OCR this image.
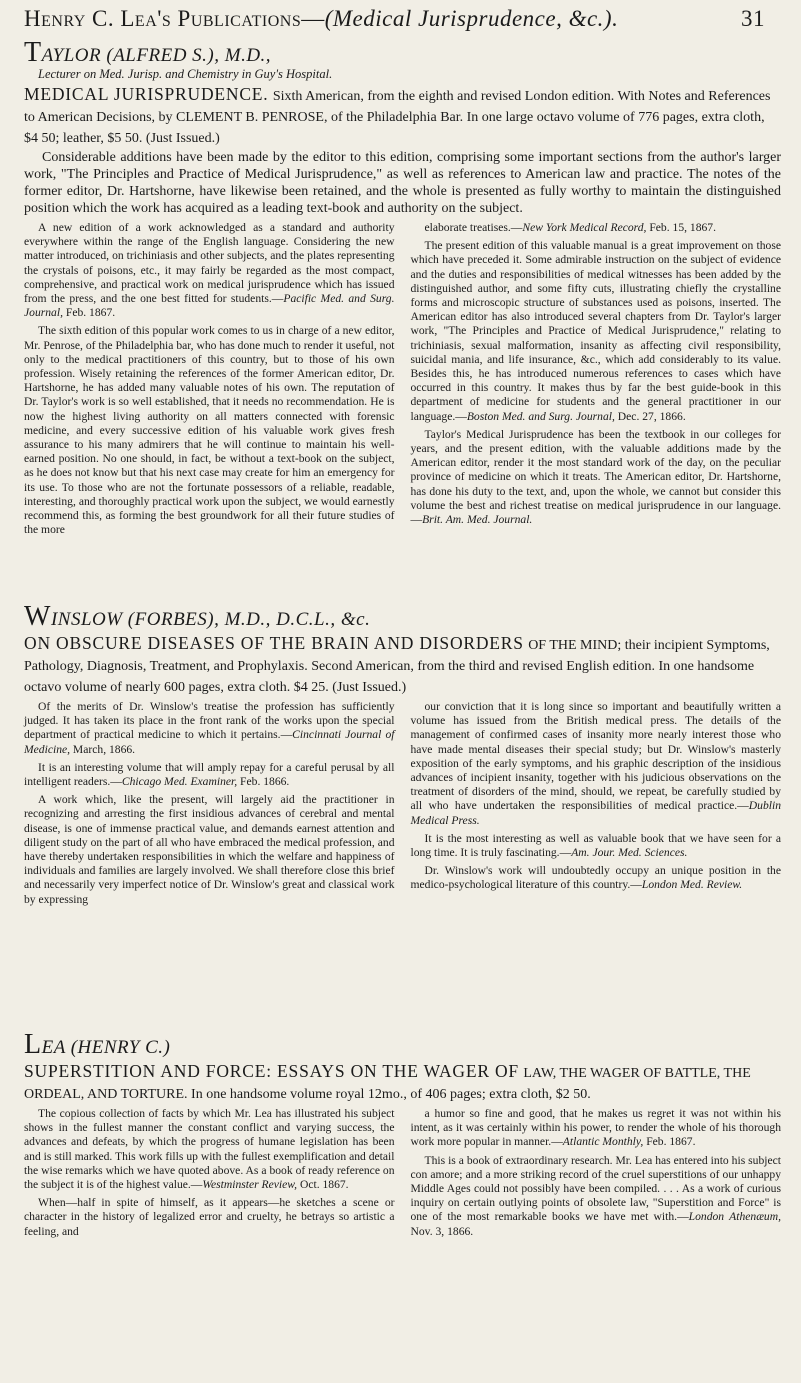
Henry C. Lea's Publications—(Medical Jurisprudence, &c.).	31
TAYLOR (ALFRED S.), M.D.,
Lecturer on Med. Jurisp. and Chemistry in Guy's Hospital.
MEDICAL JURISPRUDENCE. Sixth American, from the eighth and revised London edition. With Notes and References to American Decisions, by CLEMENT B. PENROSE, of the Philadelphia Bar. In one large octavo volume of 776 pages, extra cloth, $4 50; leather, $5 50. (Just Issued.)
Considerable additions have been made by the editor to this edition, comprising some important sections from the author's larger work, "The Principles and Practice of Medical Jurisprudence," as well as references to American law and practice. The notes of the former editor, Dr. Hartshorne, have likewise been retained, and the whole is presented as fully worthy to maintain the distinguished position which the work has acquired as a leading text-book and authority on the subject.

A new edition of a work acknowledged as a standard and authority everywhere within the range of the English language. Considering the new matter introduced, on trichiniasis and other subjects, and the plates representing the crystals of poisons, etc., it may fairly be regarded as the most compact, comprehensive, and practical work on medical jurisprudence which has issued from the press, and the one best fitted for students.—Pacific Med. and Surg. Journal, Feb. 1867.

The sixth edition of this popular work comes to us in charge of a new editor, Mr. Penrose, of the Philadelphia bar, who has done much to render it useful, not only to the medical practitioners of this country, but to those of his own profession. Wisely retaining the references of the former American editor, Dr. Hartshorne, he has added many valuable notes of his own. The reputation of Dr. Taylor's work is so well established, that it needs no recommendation. He is now the highest living authority on all matters connected with forensic medicine, and every successive edition of his valuable work gives fresh assurance to his many admirers that he will continue to maintain his well-earned position. No one should, in fact, be without a text-book on the subject, as he does not know but that his next case may create for him an emergency for its use. To those who are not the fortunate possessors of a reliable, readable, interesting, and thoroughly practical work upon the subject, we would earnestly recommend this, as forming the best groundwork for all their future studies of the more

elaborate treatises.—New York Medical Record, Feb. 15, 1867.

The present edition of this valuable manual is a great improvement on those which have preceded it. Some admirable instruction on the subject of evidence and the duties and responsibilities of medical witnesses has been added by the distinguished author, and some fifty cuts, illustrating chiefly the crystalline forms and microscopic structure of substances used as poisons, inserted. The American editor has also introduced several chapters from Dr. Taylor's larger work, "The Principles and Practice of Medical Jurisprudence," relating to trichiniasis, sexual malformation, insanity as affecting civil responsibility, suicidal mania, and life insurance, &c., which add considerably to its value. Besides this, he has introduced numerous references to cases which have occurred in this country. It makes thus by far the best guide-book in this department of medicine for students and the general practitioner in our language.—Boston Med. and Surg. Journal, Dec. 27, 1866.

Taylor's Medical Jurisprudence has been the textbook in our colleges for years, and the present edition, with the valuable additions made by the American editor, render it the most standard work of the day, on the peculiar province of medicine on which it treats. The American editor, Dr. Hartshorne, has done his duty to the text, and, upon the whole, we cannot but consider this volume the best and richest treatise on medical jurisprudence in our language.—Brit. Am. Med. Journal.

WINSLOW (FORBES), M.D., D.C.L., &c.
ON OBSCURE DISEASES OF THE BRAIN AND DISORDERS OF THE MIND; their incipient Symptoms, Pathology, Diagnosis, Treatment, and Prophylaxis. Second American, from the third and revised English edition. In one handsome octavo volume of nearly 600 pages, extra cloth. $4 25. (Just Issued.)

Of the merits of Dr. Winslow's treatise the profession has sufficiently judged. It has taken its place in the front rank of the works upon the special department of practical medicine to which it pertains.—Cincinnati Journal of Medicine, March, 1866.

It is an interesting volume that will amply repay for a careful perusal by all intelligent readers.—Chicago Med. Examiner, Feb. 1866.

A work which, like the present, will largely aid the practitioner in recognizing and arresting the first insidious advances of cerebral and mental disease, is one of immense practical value, and demands earnest attention and diligent study on the part of all who have embraced the medical profession, and have thereby undertaken responsibilities in which the welfare and happiness of individuals and families are largely involved. We shall therefore close this brief and necessarily very imperfect notice of Dr. Winslow's great and classical work by expressing

our conviction that it is long since so important and beautifully written a volume has issued from the British medical press. The details of the management of confirmed cases of insanity more nearly interest those who have made mental diseases their special study; but Dr. Winslow's masterly exposition of the early symptoms, and his graphic description of the insidious advances of incipient insanity, together with his judicious observations on the treatment of disorders of the mind, should, we repeat, be carefully studied by all who have undertaken the responsibilities of medical practice.—Dublin Medical Press.

It is the most interesting as well as valuable book that we have seen for a long time. It is truly fascinating.—Am. Jour. Med. Sciences.

Dr. Winslow's work will undoubtedly occupy an unique position in the medico-psychological literature of this country.—London Med. Review.

LEA (HENRY C.)
SUPERSTITION AND FORCE: ESSAYS ON THE WAGER OF LAW, THE WAGER OF BATTLE, THE ORDEAL, AND TORTURE. In one handsome volume royal 12mo., of 406 pages; extra cloth, $2 50.

The copious collection of facts by which Mr. Lea has illustrated his subject shows in the fullest manner the constant conflict and varying success, the advances and defeats, by which the progress of humane legislation has been and is still marked. This work fills up with the fullest exemplification and detail the wise remarks which we have quoted above. As a book of ready reference on the subject it is of the highest value.—Westminster Review, Oct. 1867.

When—half in spite of himself, as it appears—he sketches a scene or character in the history of legalized error and cruelty, he betrays so artistic a feeling, and

a humor so fine and good, that he makes us regret it was not within his intent, as it was certainly within his power, to render the whole of his thorough work more popular in manner.—Atlantic Monthly, Feb. 1867.

This is a book of extraordinary research. Mr. Lea has entered into his subject con amore; and a more striking record of the cruel superstitions of our unhappy Middle Ages could not possibly have been compiled. . . . As a work of curious inquiry on certain outlying points of obsolete law, "Superstition and Force" is one of the most remarkable books we have met with.—London Athenæum, Nov. 3, 1866.
